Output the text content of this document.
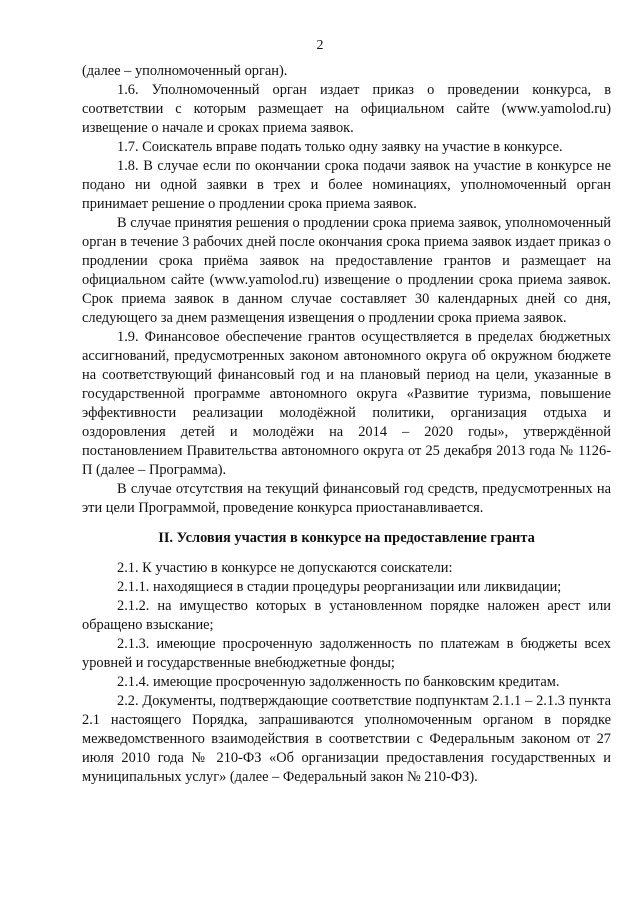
2

(далее – уполномоченный орган).

1.6. Уполномоченный орган издает приказ о проведении конкурса, в соответствии с которым размещает на официальном сайте (www.yamolod.ru) извещение о начале и сроках приема заявок.

1.7. Соискатель вправе подать только одну заявку на участие в конкурсе.

1.8. В случае если по окончании срока подачи заявок на участие в конкурсе не подано ни одной заявки в трех и более номинациях, уполномоченный орган принимает решение о продлении срока приема заявок.

В случае принятия решения о продлении срока приема заявок, уполномоченный орган в течение 3 рабочих дней после окончания срока приема заявок издает приказ о продлении срока приёма заявок на предоставление грантов и размещает на официальном сайте (www.yamolod.ru) извещение о продлении срока приема заявок. Срок приема заявок в данном случае составляет 30 календарных дней со дня, следующего за днем размещения извещения о продлении срока приема заявок.

1.9. Финансовое обеспечение грантов осуществляется в пределах бюджетных ассигнований, предусмотренных законом автономного округа об окружном бюджете на соответствующий финансовый год и на плановый период на цели, указанные в государственной программе автономного округа «Развитие туризма, повышение эффективности реализации молодёжной политики, организация отдыха и оздоровления детей и молодёжи на 2014 – 2020 годы», утверждённой постановлением Правительства автономного округа от 25 декабря 2013 года № 1126-П (далее – Программа).

В случае отсутствия на текущий финансовый год средств, предусмотренных на эти цели Программой, проведение конкурса приостанавливается.

II. Условия участия в конкурсе на предоставление гранта

2.1. К участию в конкурсе не допускаются соискатели:

2.1.1. находящиеся в стадии процедуры реорганизации или ликвидации;

2.1.2. на имущество которых в установленном порядке наложен арест или обращено взыскание;

2.1.3. имеющие просроченную задолженность по платежам в бюджеты всех уровней и государственные внебюджетные фонды;

2.1.4. имеющие просроченную задолженность по банковским кредитам.

2.2. Документы, подтверждающие соответствие подпунктам 2.1.1 – 2.1.3 пункта 2.1 настоящего Порядка, запрашиваются уполномоченным органом в порядке межведомственного взаимодействия в соответствии с Федеральным законом от 27 июля 2010 года № 210-ФЗ «Об организации предоставления государственных и муниципальных услуг» (далее – Федеральный закон № 210-ФЗ).
